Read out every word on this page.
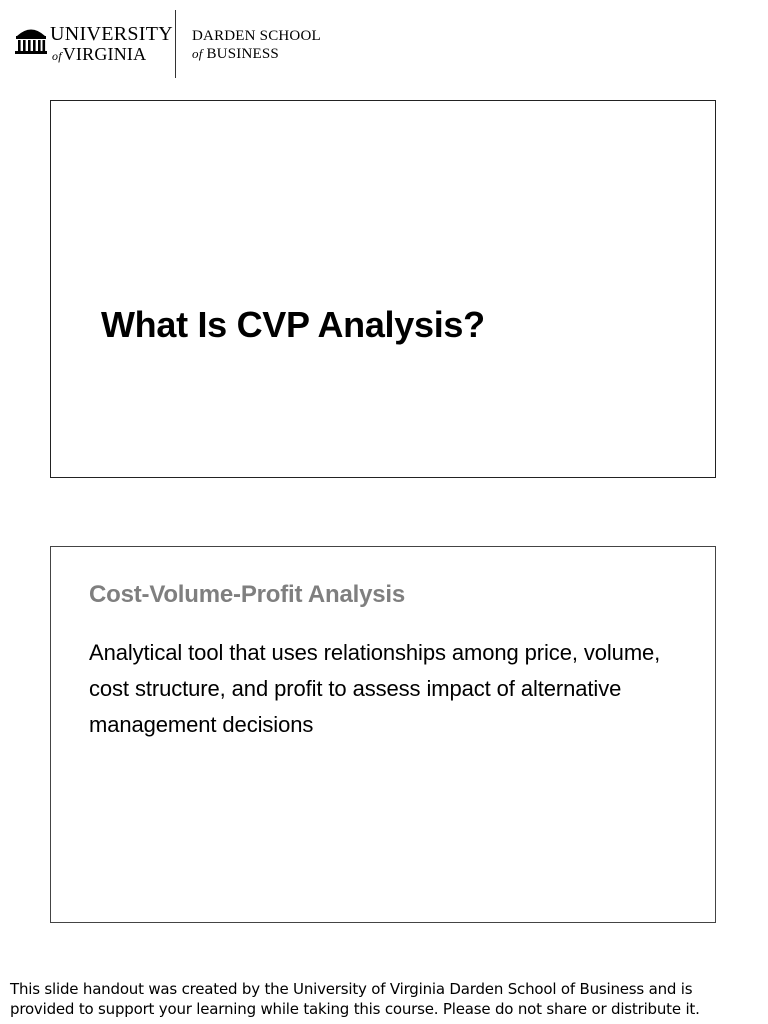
UNIVERSITY
ofVIRGINIA
DARDEN SCHOOL
of BUSINESS
What Is CVP Analysis?
Cost-Volume-Profit Analysis

Analytical tool that uses relationships among price, volume, cost structure, and profit to assess impact of alternative management decisions

This slide handout was created by the University of Virginia Darden School of Business and is provided to support your learning while taking this course. Please do not share or distribute it.
